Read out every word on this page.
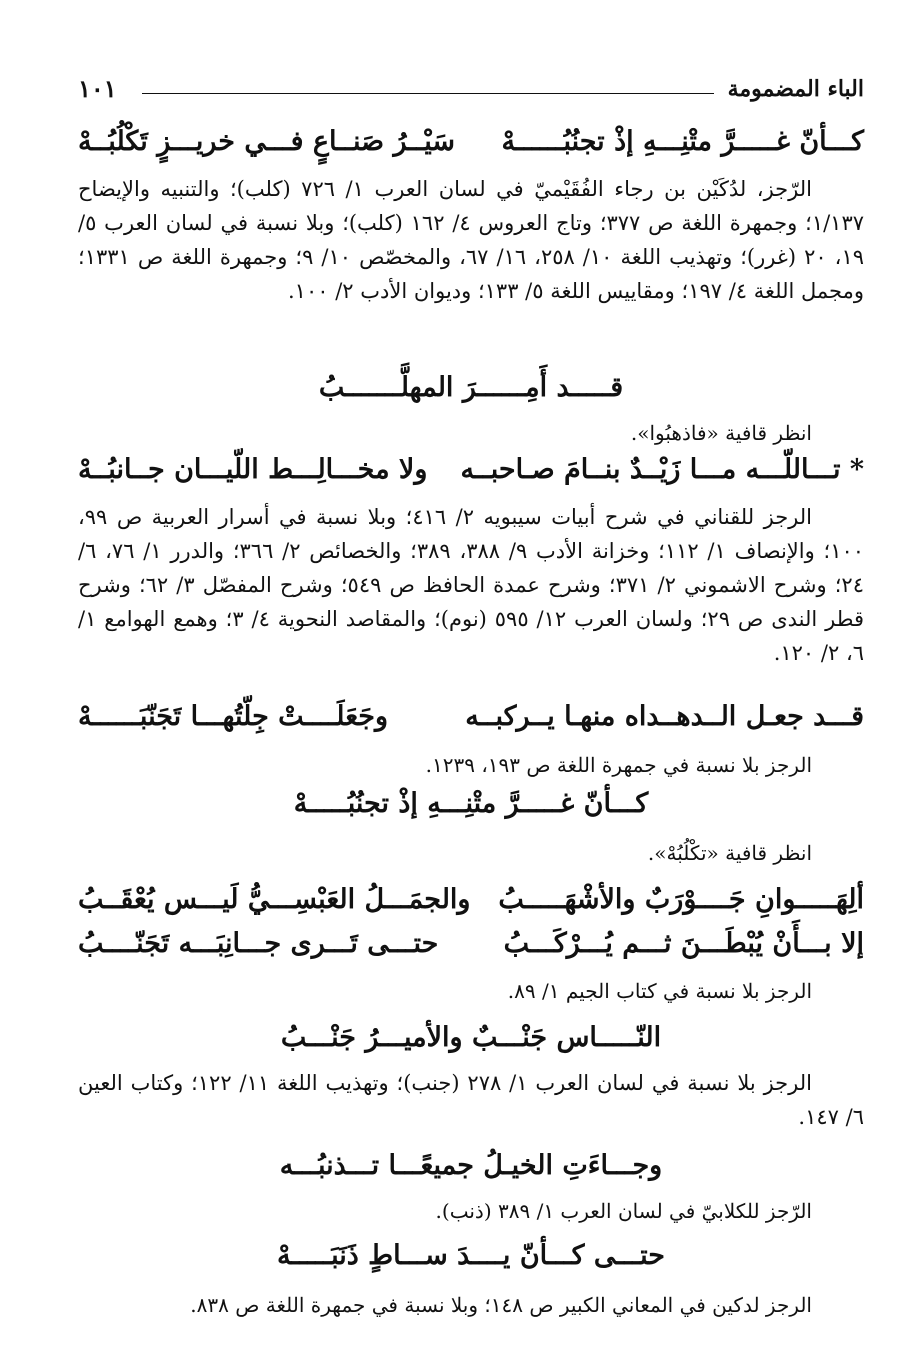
الباء المضمومة
١٠١
كـــأنّ غـــــرَّ متْنِـــهِ إذْ تجنُبُــــــهْ
سَيْــرُ صَنــاعٍ فـــي خريـــزٍ تَكْلُبُــهْ
الرّجز، لدُكَيْن بن رجاء الفُقَيْميّ في لسان العرب ١/ ٧٢٦ (كلب)؛ والتنبيه والإيضاح ١/١٣٧؛ وجمهرة اللغة ص ٣٧٧؛ وتاج العروس ٤/ ١٦٢ (كلب)؛ وبلا نسبة في لسان العرب ٥/ ١٩، ٢٠ (غرر)؛ وتهذيب اللغة ١٠/ ٢٥٨، ١٦/ ٦٧، والمخصّص ١٠/ ٩؛ وجمهرة اللغة ص ١٣٣١؛ ومجمل اللغة ٤/ ١٩٧؛ ومقاييس اللغة ٥/ ١٣٣؛ وديوان الأدب ٢/ ١٠٠.
قـــــد أَمِــــــرَ المهلَّـــــــبُ
انظر قافية «فاذهبُوا».
* تـــاللّـــه مـــا زَيْــدٌ بنــامَ صـاحبــه
ولا مخـــالِـــط اللّيـــان جــانبُــهْ
الرجز للقناني في شرح أبيات سيبويه ٢/ ٤١٦؛ وبلا نسبة في أسرار العربية ص ٩٩، ١٠٠؛ والإنصاف ١/ ١١٢؛ وخزانة الأدب ٩/ ٣٨٨، ٣٨٩؛ والخصائص ٢/ ٣٦٦؛ والدرر ١/ ٧٦، ٦/ ٢٤؛ وشرح الاشموني ٢/ ٣٧١؛ وشرح عمدة الحافظ ص ٥٤٩؛ وشرح المفصّل ٣/ ٦٢؛ وشرح قطر الندى ص ٢٩؛ ولسان العرب ١٢/ ٥٩٥ (نوم)؛ والمقاصد النحوية ٤/ ٣؛ وهمع الهوامع ١/ ٦، ٢/ ١٢٠.
قـــد جعـل الــدهــداه منهـا يــركبــه
وجَعَلَــــتْ جِلّتُهـــا تَجَنّبَــــــهْ
الرجز بلا نسبة في جمهرة اللغة ص ١٩٣، ١٢٣٩.
كـــأنّ غـــــرَّ متْنِـــهِ إذْ تجنُبُـــــهْ
انظر قافية «تكْلُبُهْ».
ألِهَـــــوانِ جَــــوْرَبٌ والأشْهَـــــبُ
والجمَـــلُ العَبْسِـــيُّ لَيـــس يُعْقَــبُ
إلا بـــأَنْ يُبْطَـــنَ ثـــم يُـــرْكَـــبُ
حتـــى تَـــرى جـــانِبَـــه تَجَنّــــبُ
الرجز بلا نسبة في كتاب الجيم ١/ ٨٩.
النّـــــاس جَنْـــبٌ والأميـــرُ جَنْـــبُ
الرجز بلا نسبة في لسان العرب ١/ ٢٧٨ (جنب)؛ وتهذيب اللغة ١١/ ١٢٢؛ وكتاب العين ٦/ ١٤٧.
وجـــاءَتِ الخيـلُ جميعًـــا تـــذنبُـــه
الرّجز للكلابيّ في لسان العرب ١/ ٣٨٩ (ذنب).
حتـــى كـــأنّ يــــدَ ســـاطٍ ذَنَبَـــــهْ
الرجز لدكين في المعاني الكبير ص ١٤٨؛ وبلا نسبة في جمهرة اللغة ص ٨٣٨.
